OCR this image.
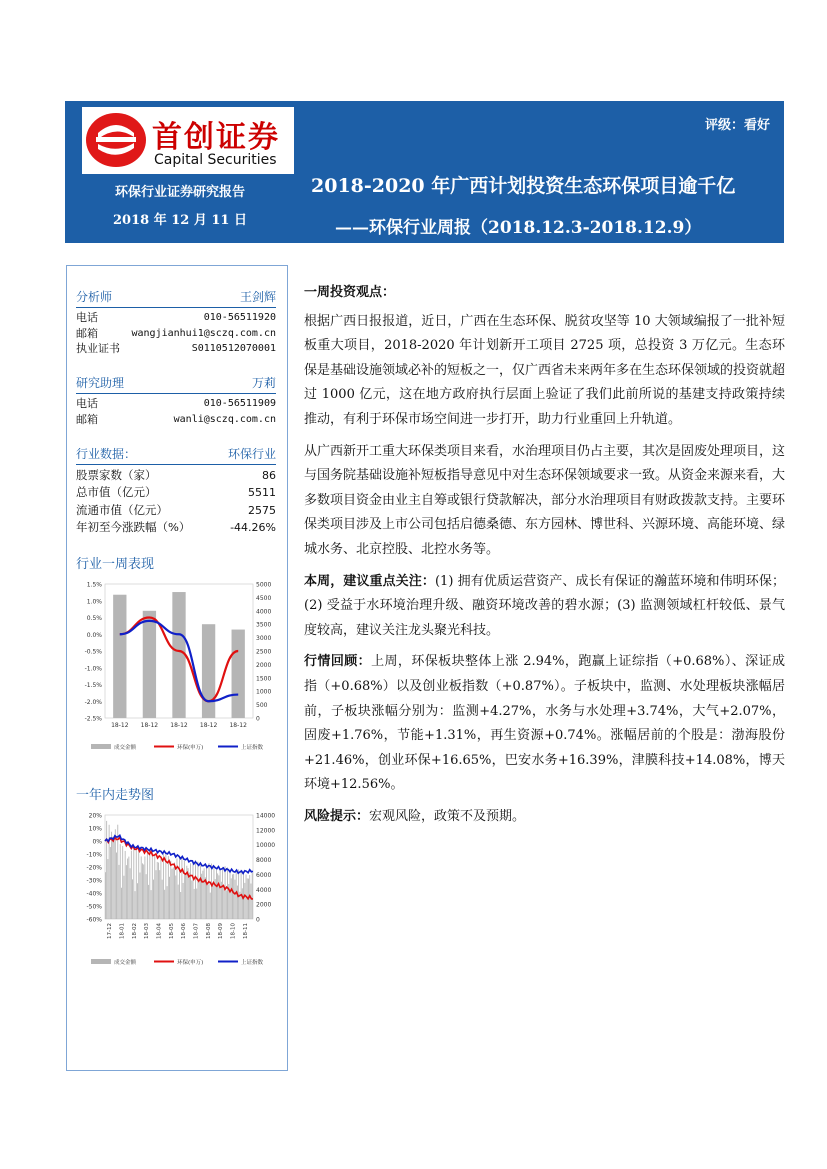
首创证券
Capital Securities
评级：看好
环保行业证券研究报告
2018 年 12 月 11 日
2018-2020 年广西计划投资生态环保项目逾千亿
——环保行业周报（2018.12.3-2018.12.9）
分析师	王剑辉
电话	010-56511920
邮箱	wangjianhui1@sczq.com.cn
执业证书	S0110512070001
研究助理	万莉
电话	010-56511909
邮箱	wanli@sczq.com.cn
行业数据：	环保行业
股票家数（家）	86
总市值（亿元）	5511
流通市值（亿元）	2575
年初至今涨跌幅（%）	-44.26%
行业一周表现
1.5%
1.0%
0.5%
0.0%
-0.5%
-1.0%
-1.5%
-2.0%
-2.5%
5000
4500
4000
3500
3000
2500
2000
1500
1000
500
0
18-12 18-12 18-12 18-12 18-12
成交金额	环保(申万)	上证指数
一年内走势图
20%
10%
0%
-10%
-20%
-30%
-40%
-50%
-60%
14000
12000
10000
8000
6000
4000
2000
0
17-12 18-01 18-02 18-03 18-04 18-05 18-06 18-07 18-08 18-09 18-10 18-11
成交金额	环保(申万)	上证指数
一周投资观点：

根据广西日报报道，近日，广西在生态环保、脱贫攻坚等 10 大领域编报了一批补短板重大项目，2018-2020 年计划新开工项目 2725 项，总投资 3 万亿元。生态环保是基础设施领域必补的短板之一，仅广西省未来两年多在生态环保领域的投资就超过 1000 亿元，这在地方政府执行层面上验证了我们此前所说的基建支持政策持续推动，有利于环保市场空间进一步打开，助力行业重回上升轨道。

从广西新开工重大环保类项目来看，水治理项目仍占主要，其次是固废处理项目，这与国务院基础设施补短板指导意见中对生态环保领域要求一致。从资金来源来看，大多数项目资金由业主自筹或银行贷款解决，部分水治理项目有财政拨款支持。主要环保类项目涉及上市公司包括启德桑德、东方园林、博世科、兴源环境、高能环境、绿城水务、北京控股、北控水务等。

本周，建议重点关注：(1) 拥有优质运营资产、成长有保证的瀚蓝环境和伟明环保；(2) 受益于水环境治理升级、融资环境改善的碧水源；(3) 监测领域杠杆较低、景气度较高，建议关注龙头聚光科技。

行情回顾：上周，环保板块整体上涨 2.94%，跑赢上证综指（+0.68%）、深证成指（+0.68%）以及创业板指数（+0.87%）。子板块中，监测、水处理板块涨幅居前，子板块涨幅分别为：监测+4.27%，水务与水处理+3.74%，大气+2.07%，固废+1.76%，节能+1.31%，再生资源+0.74%。涨幅居前的个股是：渤海股份+21.46%，创业环保+16.65%，巴安水务+16.39%，津膜科技+14.08%，博天环境+12.56%。

风险提示：宏观风险，政策不及预期。
